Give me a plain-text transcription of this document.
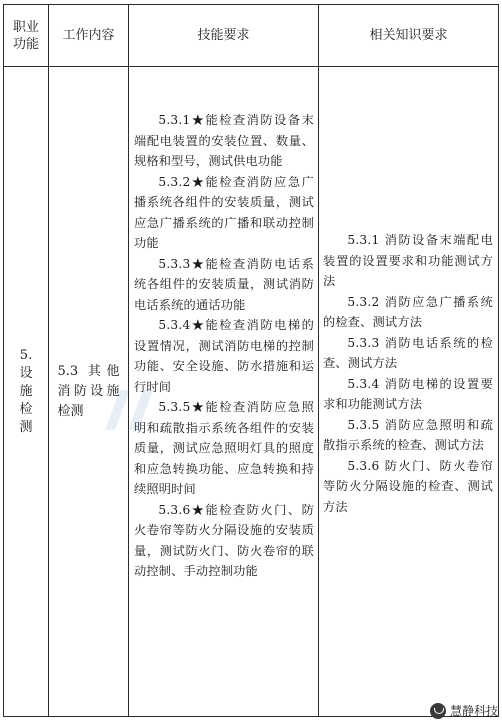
职业功能
工作内容	技能要求	相关知识要求
5. 设施检测
5.3 其他消防设施检测

5.3.1★能检查消防设备末端配电装置的安装位置、数量、规格和型号，测试供电功能

5.3.2★能检查消防应急广播系统各组件的安装质量，测试应急广播系统的广播和联动控制功能

5.3.3★能检查消防电话系统各组件的安装质量，测试消防电话系统的通话功能

5.3.4★能检查消防电梯的设置情况，测试消防电梯的控制功能、安全设施、防水措施和运行时间

5.3.5★能检查消防应急照明和疏散指示系统各组件的安装质量，测试应急照明灯具的照度和应急转换功能、应急转换和持续照明时间

5.3.6★能检查防火门、防火卷帘等防火分隔设施的安装质量，测试防火门、防火卷帘的联动控制、手动控制功能

5.3.1 消防设备末端配电装置的设置要求和功能测试方法

5.3.2 消防应急广播系统的检查、测试方法

5.3.3 消防电话系统的检查、测试方法

5.3.4 消防电梯的设置要求和功能测试方法

5.3.5 消防应急照明和疏散指示系统的检查、测试方法

5.3.6 防火门、防火卷帘等防火分隔设施的检查、测试方法

慧静科技
